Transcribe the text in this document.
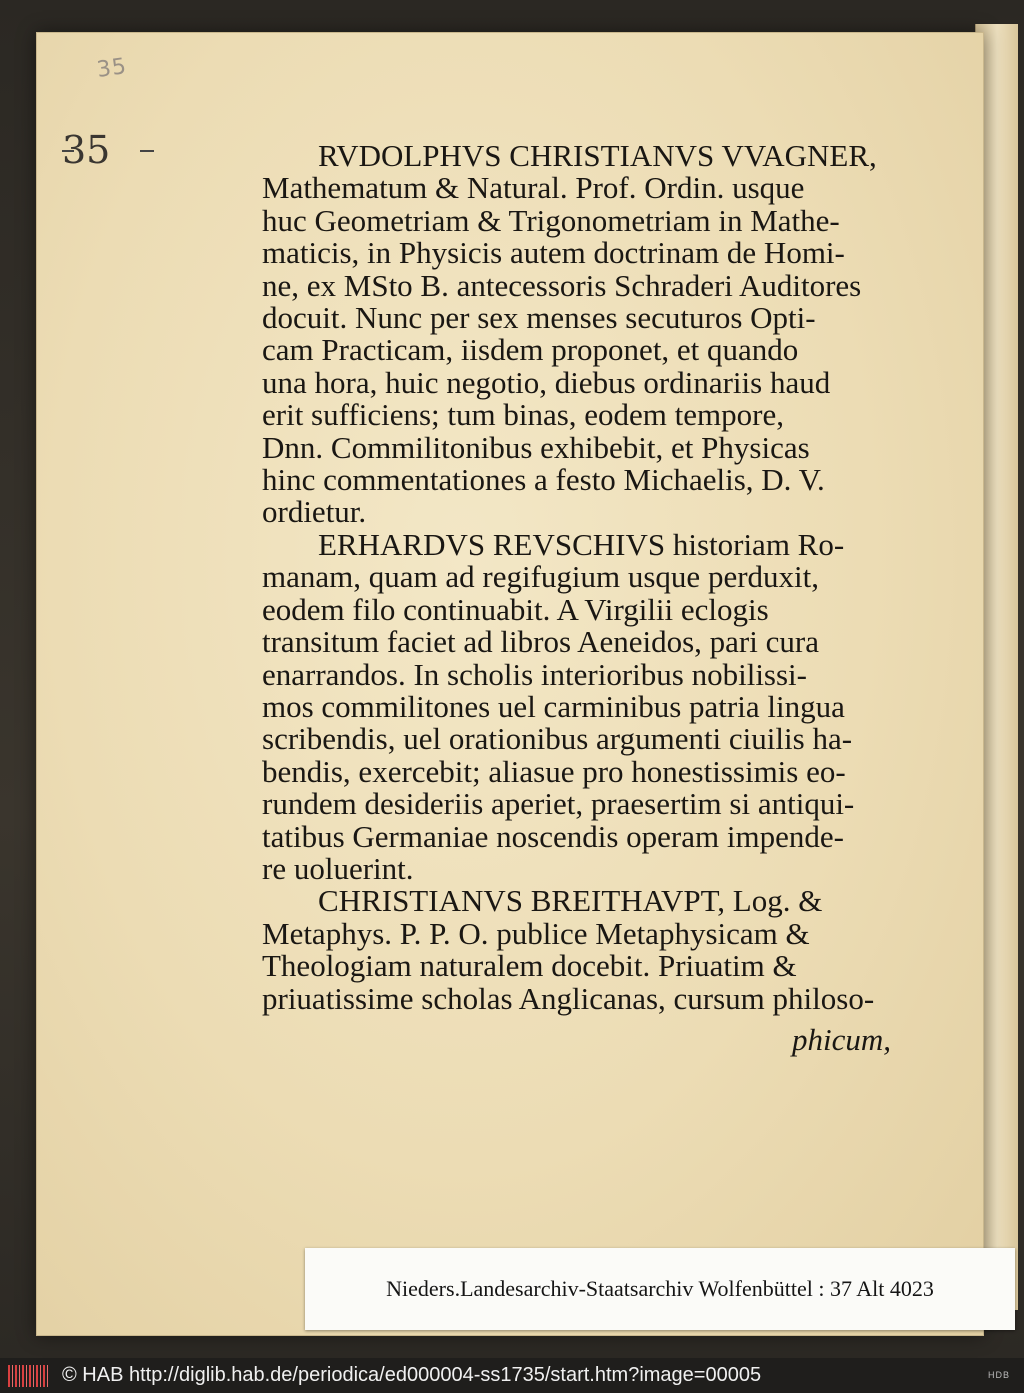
35
35	RVDOLPHVS CHRISTIANVS VVAGNER,

Mathematum & Natural. Prof. Ordin. usque

huc Geometriam & Trigonometriam in Mathe-

maticis, in Physicis autem doctrinam de Homi-

ne, ex MSto B. antecessoris Schraderi Auditores

docuit. Nunc per sex menses secuturos Opti-

cam Practicam, iisdem proponet, et quando

una hora, huic negotio, diebus ordinariis haud

erit sufficiens; tum binas, eodem tempore,

Dnn. Commilitonibus exhibebit, et Physicas

hinc commentationes a festo Michaelis, D. V.

ordietur.

ERHARDVS REVSCHIVS historiam Ro-

manam, quam ad regifugium usque perduxit,

eodem filo continuabit. A Virgilii eclogis

transitum faciet ad libros Aeneidos, pari cura

enarrandos. In scholis interioribus nobilissi-

mos commilitones uel carminibus patria lingua

scribendis, uel orationibus argumenti ciuilis ha-

bendis, exercebit; aliasue pro honestissimis eo-

rundem desideriis aperiet, praesertim si antiqui-

tatibus Germaniae noscendis operam impende-

re uoluerint.

CHRISTIANVS BREITHAVPT, Log. &

Metaphys. P. P. O. publice Metaphysicam &

Theologiam naturalem docebit. Priuatim &

priuatissime scholas Anglicanas, cursum philoso-

phicum,
Nieders.Landesarchiv-Staatsarchiv Wolfenbüttel : 37 Alt 4023
© HAB http://diglib.hab.de/periodica/ed000004-ss1735/start.htm?image=00005	HDB
